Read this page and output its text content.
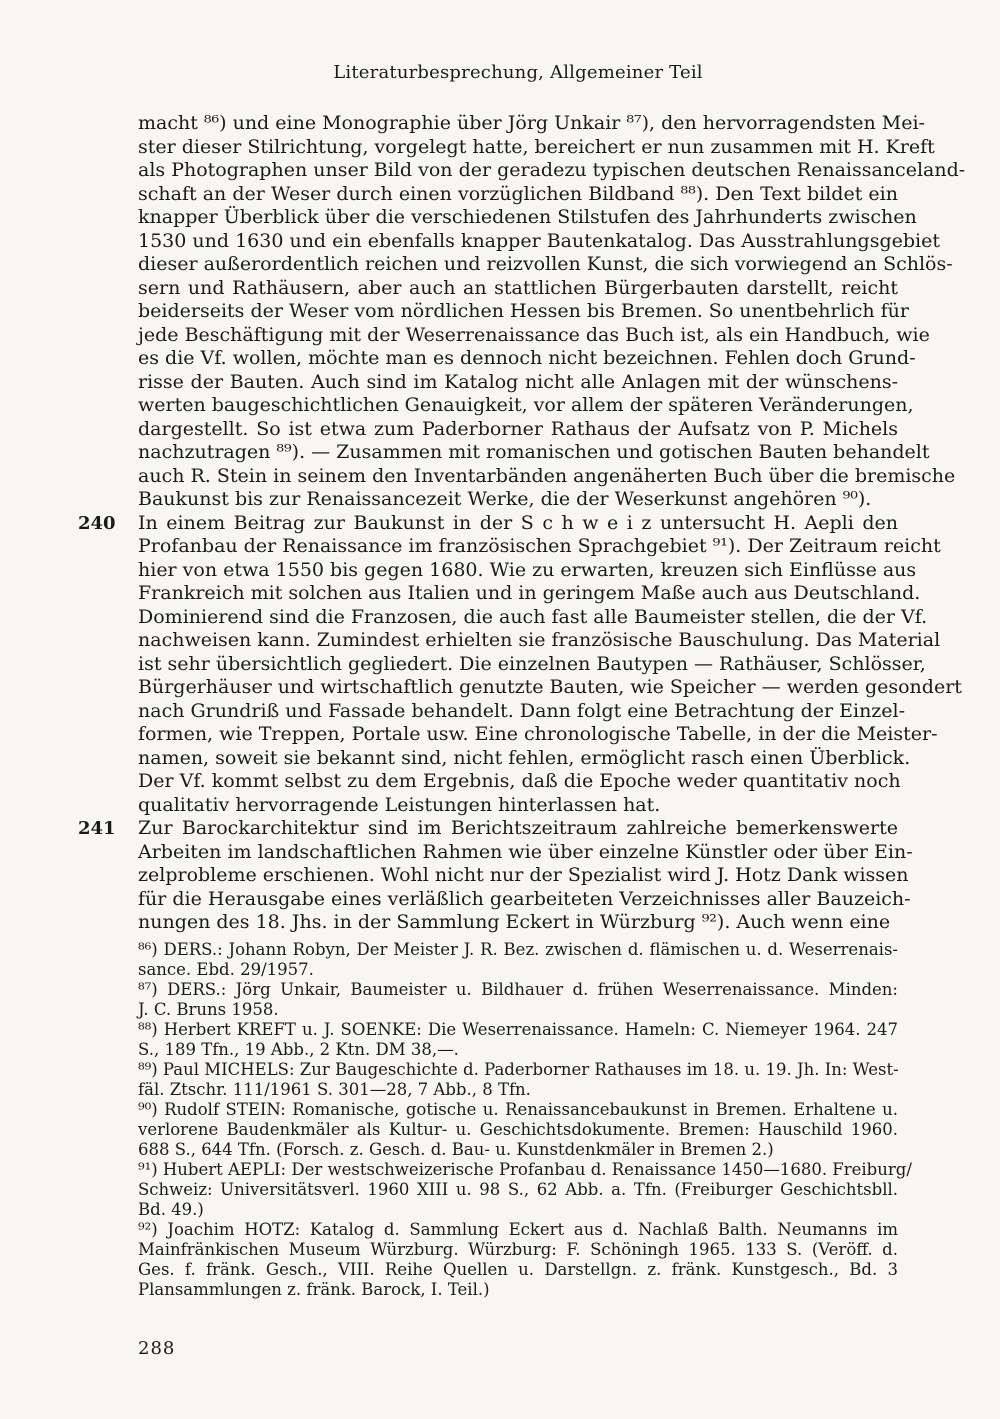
Literaturbesprechung, Allgemeiner Teil
macht ⁸⁶) und eine Monographie über Jörg Unkair ⁸⁷), den hervorragendsten Mei-
ster dieser Stilrichtung, vorgelegt hatte, bereichert er nun zusammen mit H. Kreft
als Photographen unser Bild von der geradezu typischen deutschen Renaissanceland-
schaft an der Weser durch einen vorzüglichen Bildband ⁸⁸). Den Text bildet ein
knapper Überblick über die verschiedenen Stilstufen des Jahrhunderts zwischen
1530 und 1630 und ein ebenfalls knapper Bautenkatalog. Das Ausstrahlungsgebiet
dieser außerordentlich reichen und reizvollen Kunst, die sich vorwiegend an Schlös-
sern und Rathäusern, aber auch an stattlichen Bürgerbauten darstellt, reicht
beiderseits der Weser vom nördlichen Hessen bis Bremen. So unentbehrlich für
jede Beschäftigung mit der Weserrenaissance das Buch ist, als ein Handbuch, wie
es die Vf. wollen, möchte man es dennoch nicht bezeichnen. Fehlen doch Grund-
risse der Bauten. Auch sind im Katalog nicht alle Anlagen mit der wünschens-
werten baugeschichtlichen Genauigkeit, vor allem der späteren Veränderungen,
dargestellt. So ist etwa zum Paderborner Rathaus der Aufsatz von P. Michels
nachzutragen ⁸⁹). — Zusammen mit romanischen und gotischen Bauten behandelt
auch R. Stein in seinem den Inventarbänden angenäherten Buch über die bremische
Baukunst bis zur Renaissancezeit Werke, die der Weserkunst angehören ⁹⁰).
240 In einem Beitrag zur Baukunst in der S c h w e i z untersucht H. Aepli den
Profanbau der Renaissance im französischen Sprachgebiet ⁹¹). Der Zeitraum reicht
hier von etwa 1550 bis gegen 1680. Wie zu erwarten, kreuzen sich Einflüsse aus
Frankreich mit solchen aus Italien und in geringem Maße auch aus Deutschland.
Dominierend sind die Franzosen, die auch fast alle Baumeister stellen, die der Vf.
nachweisen kann. Zumindest erhielten sie französische Bauschulung. Das Material
ist sehr übersichtlich gegliedert. Die einzelnen Bautypen — Rathäuser, Schlösser,
Bürgerhäuser und wirtschaftlich genutzte Bauten, wie Speicher — werden gesondert
nach Grundriß und Fassade behandelt. Dann folgt eine Betrachtung der Einzel-
formen, wie Treppen, Portale usw. Eine chronologische Tabelle, in der die Meister-
namen, soweit sie bekannt sind, nicht fehlen, ermöglicht rasch einen Überblick.
Der Vf. kommt selbst zu dem Ergebnis, daß die Epoche weder quantitativ noch
qualitativ hervorragende Leistungen hinterlassen hat.
241 Zur Barockarchitektur sind im Berichtszeitraum zahlreiche bemerkenswerte
Arbeiten im landschaftlichen Rahmen wie über einzelne Künstler oder über Ein-
zelprobleme erschienen. Wohl nicht nur der Spezialist wird J. Hotz Dank wissen
für die Herausgabe eines verläßlich gearbeiteten Verzeichnisses aller Bauzeich-
nungen des 18. Jhs. in der Sammlung Eckert in Würzburg ⁹²). Auch wenn eine
⁸⁶) DERS.: Johann Robyn, Der Meister J. R. Bez. zwischen d. flämischen u. d. Weserrenais-
sance. Ebd. 29/1957.
⁸⁷) DERS.: Jörg Unkair, Baumeister u. Bildhauer d. frühen Weserrenaissance. Minden:
J. C. Bruns 1958.
⁸⁸) Herbert KREFT u. J. SOENKE: Die Weserrenaissance. Hameln: C. Niemeyer 1964. 247
S., 189 Tfn., 19 Abb., 2 Ktn. DM 38,—.
⁸⁹) Paul MICHELS: Zur Baugeschichte d. Paderborner Rathauses im 18. u. 19. Jh. In: West-
fäl. Ztschr. 111/1961 S. 301—28, 7 Abb., 8 Tfn.
⁹⁰) Rudolf STEIN: Romanische, gotische u. Renaissancebaukunst in Bremen. Erhaltene u.
verlorene Baudenkmäler als Kultur- u. Geschichtsdokumente. Bremen: Hauschild 1960.
688 S., 644 Tfn. (Forsch. z. Gesch. d. Bau- u. Kunstdenkmäler in Bremen 2.)
⁹¹) Hubert AEPLI: Der westschweizerische Profanbau d. Renaissance 1450—1680. Freiburg/
Schweiz: Universitätsverl. 1960 XIII u. 98 S., 62 Abb. a. Tfn. (Freiburger Geschichtsbll.
Bd. 49.)
⁹²) Joachim HOTZ: Katalog d. Sammlung Eckert aus d. Nachlaß Balth. Neumanns im
Mainfränkischen Museum Würzburg. Würzburg: F. Schöningh 1965. 133 S. (Veröff. d.
Ges. f. fränk. Gesch., VIII. Reihe Quellen u. Darstellgn. z. fränk. Kunstgesch., Bd. 3
Plansammlungen z. fränk. Barock, I. Teil.)
288
